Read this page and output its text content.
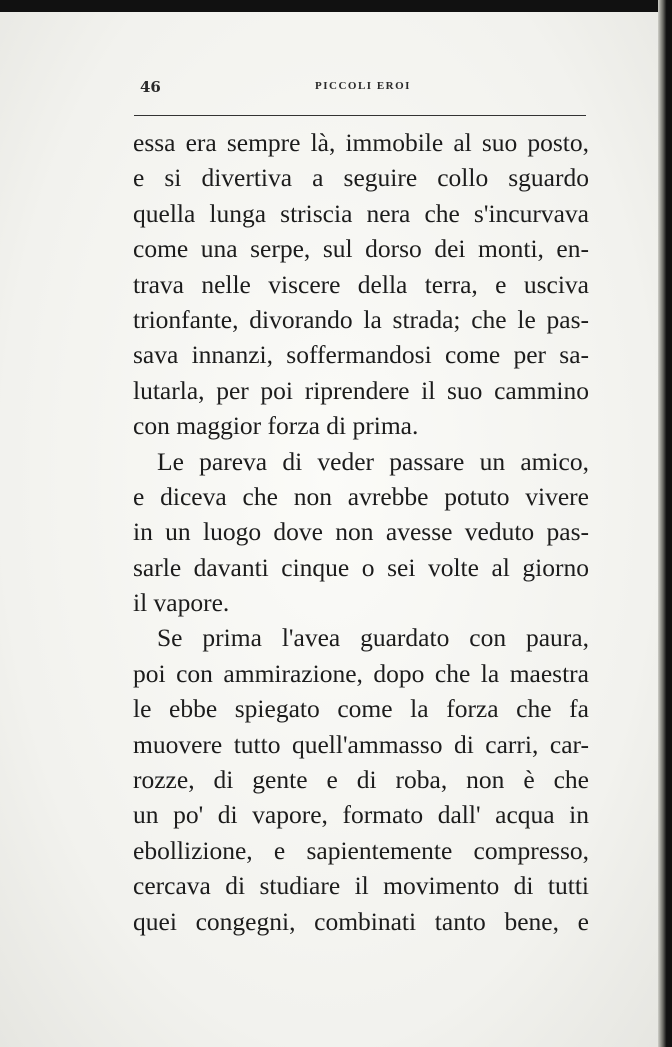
46	PICCOLI EROI
essa era sempre là, immobile al suo posto,
e si divertiva a seguire collo sguardo
quella lunga striscia nera che s'incurvava
come una serpe, sul dorso dei monti, en-
trava nelle viscere della terra, e usciva
trionfante, divorando la strada; che le pas-
sava innanzi, soffermandosi come per sa-
lutarla, per poi riprendere il suo cammino
con maggior forza di prima.
Le pareva di veder passare un amico,
e diceva che non avrebbe potuto vivere
in un luogo dove non avesse veduto pas-
sarle davanti cinque o sei volte al giorno
il vapore.
Se prima l'avea guardato con paura,
poi con ammirazione, dopo che la maestra
le ebbe spiegato come la forza che fa
muovere tutto quell'ammasso di carri, car-
rozze, di gente e di roba, non è che
un po' di vapore, formato dall' acqua in
ebollizione, e sapientemente compresso,
cercava di studiare il movimento di tutti
quei congegni, combinati tanto bene, e
